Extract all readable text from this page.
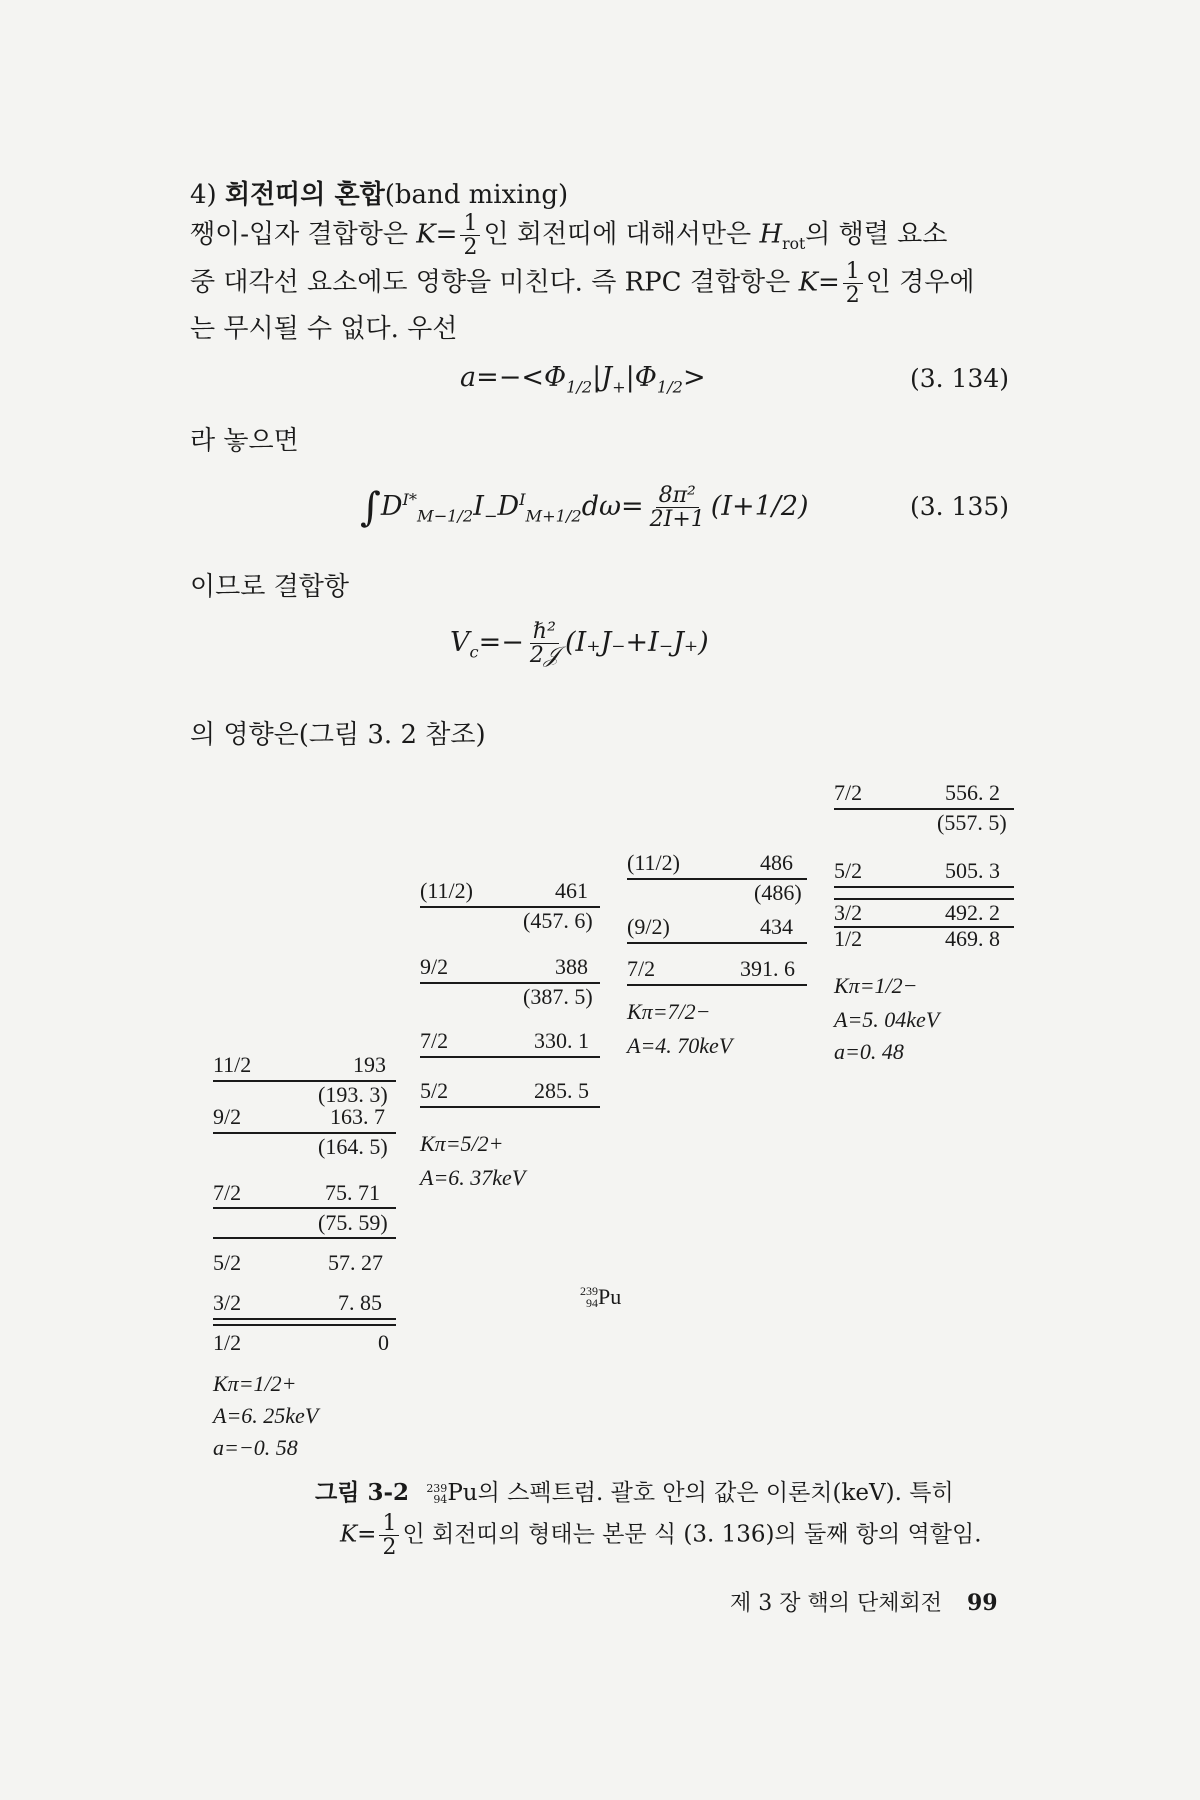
4) 회전띠의 혼합(band mixing)
쨍이-입자 결합항은 $K= \frac{1}{2}$ 인 회전띠에 대해서만은 $H_{rot}$의 행렬 요소
중 대각선 요소에도 영향을 미친다. 즉 RPC 결합항은 $K= \frac{1}{2}$ 인 경우에
는 무시될 수 없다. 우선
$a=-<\Phi_{1/2}|J_+|\Phi_{1/2}>$	(3. 134)
라 놓으면
$\int D^{I*}_{M-1/2}I_-D^I_{M+1/2}d\omega= \frac{\text{8π²}}{2I+1} (I+1/2)$	(3. 135)
이므로 결합항
$V_c=- \frac{\text{ℏ²}}{\text{2𝒥}} (I_+J_-+I_-J_+)$
의 영향은(그림 3. 2 참조)
11/2	193
(193. 3)
9/2	163. 7
(164. 5)
7/2	75. 71
(75. 59)
5/2	57. 27
3/2	7. 85
1/2	0
Kπ=1/2+
A=6. 25keV
a=−0. 58
(11/2)	461
(457. 6)
9/2	388
(387. 5)
7/2	330. 1
5/2	285. 5
Kπ=5/2+
A=6. 37keV
(11/2)	486
(486)
(9/2)	434
7/2	391. 6
Kπ=7/2−
A=4. 70keV
7/2	556. 2
(557. 5)
5/2	505. 3
3/2	492. 2
1/2	469. 8
Kπ=1/2−
A=5. 04keV
a=0. 48
239
94 Pu
그림 3-2 239
94 Pu의 스펙트럼. 괄호 안의 값은 이론치(keV). 특히
$K= \frac{1}{2}$ 인 회전띠의 형태는 본문 식 (3. 136)의 둘째 항의 역할임.
제 3 장 핵의 단체회전 99
